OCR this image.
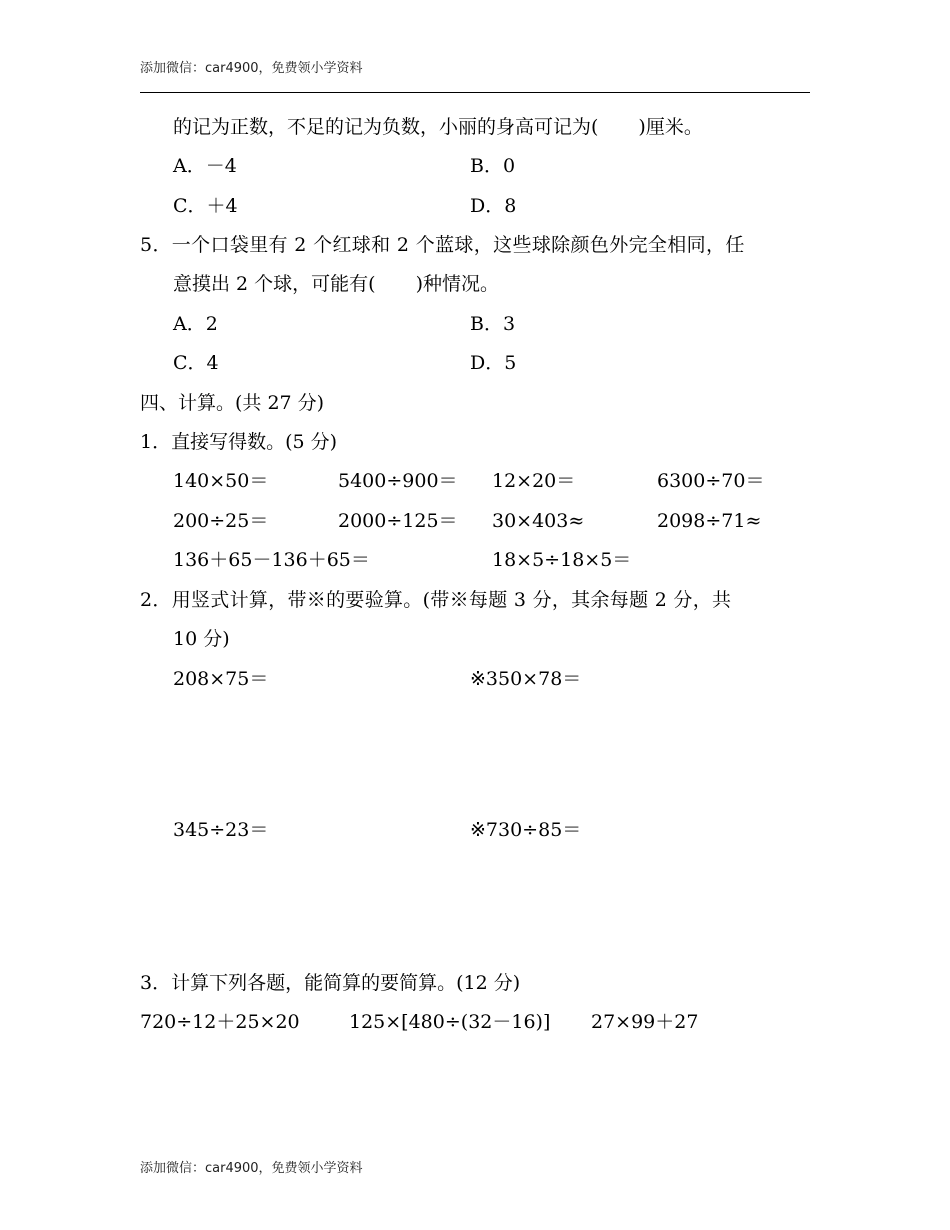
添加微信：car4900，免费领小学资料
的记为正数，不足的记为负数，小丽的身高可记为( )厘米。
A．－4	B．0
C．＋4	D．8
5．一个口袋里有 2 个红球和 2 个蓝球，这些球除颜色外完全相同，任
意摸出 2 个球，可能有( )种情况。
A．2	B．3
C．4	D．5
四、计算。(共 27 分)
1．直接写得数。(5 分)
140×50＝	5400÷900＝ 12×20＝	6300÷70＝
200÷25＝	2000÷125＝ 30×403≈	2098÷71≈
136＋65－136＋65＝	18×5÷18×5＝
2．用竖式计算，带※的要验算。(带※每题 3 分，其余每题 2 分，共
10 分)
208×75＝	※350×78＝
345÷23＝	※730÷85＝
3．计算下列各题，能简算的要简算。(12 分)
720÷12＋25×20	125×[480÷(32－16)] 27×99＋27
添加微信：car4900，免费领小学资料
